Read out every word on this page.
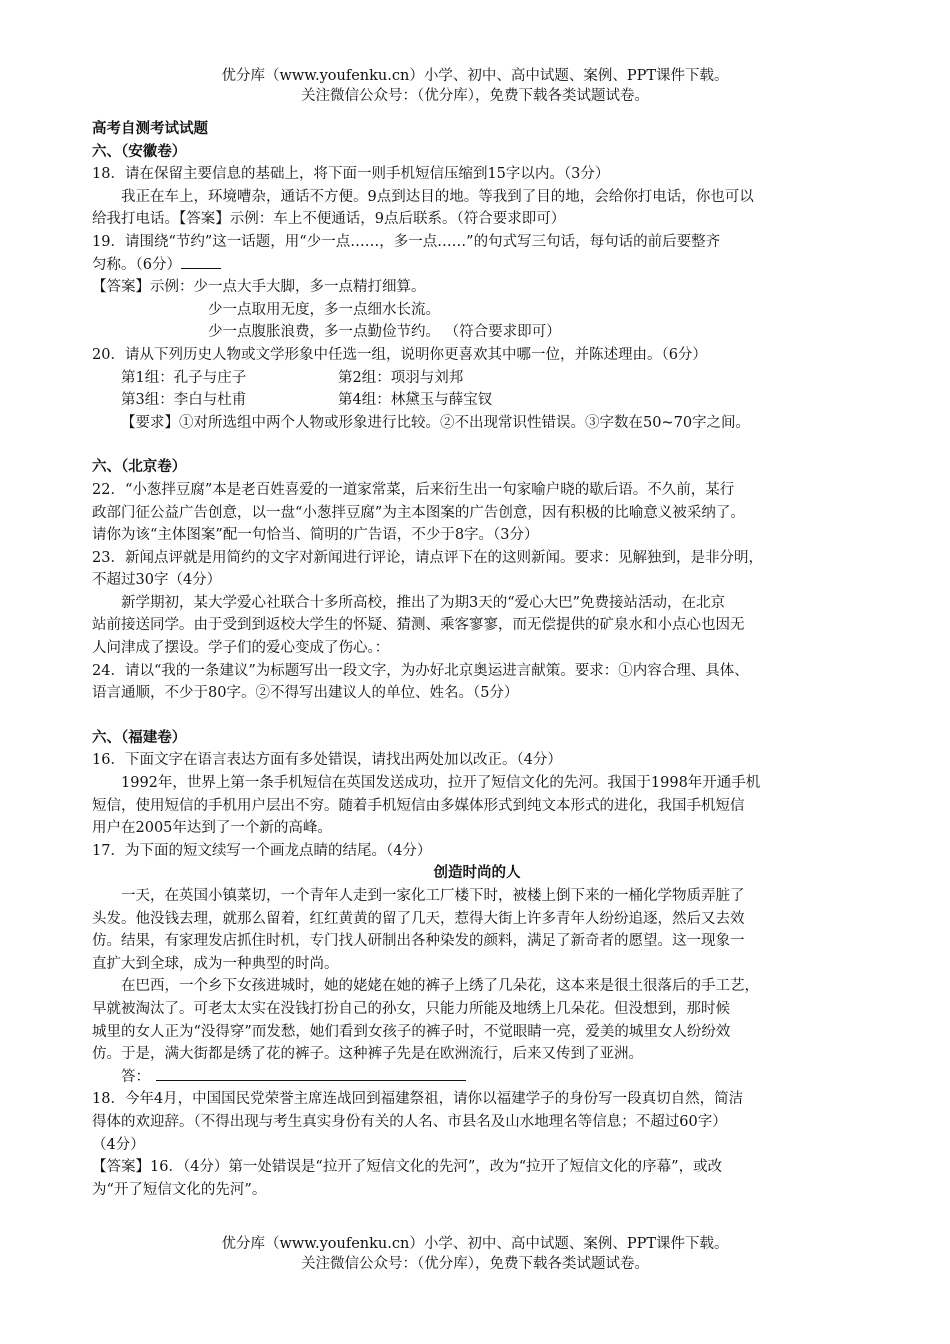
优分库（www.youfenku.cn）小学、初中、高中试题、案例、PPT课件下载。
关注微信公众号：（优分库），免费下载各类试题试卷。
高考自测考试试题
六、（安徽卷）
18．请在保留主要信息的基础上，将下面一则手机短信压缩到15字以内。（3分）
我正在车上，环境嘈杂，通话不方便。9点到达目的地。等我到了目的地，会给你打电话，你也可以
给我打电话。【答案】示例：车上不便通话，9点后联系。（符合要求即可）
19．请围绕“节约”这一话题，用“少一点……，多一点……”的句式写三句话，每句话的前后要整齐
匀称。（6分）
【答案】示例：少一点大手大脚，多一点精打细算。
少一点取用无度，多一点细水长流。
少一点腹胀浪费，多一点勤俭节约。 （符合要求即可）
20．请从下列历史人物或文学形象中任选一组，说明你更喜欢其中哪一位，并陈述理由。（6分）
第1组：孔子与庄子	第2组：项羽与刘邦
第3组：李白与杜甫	第4组：林黛玉与薛宝钗
【要求】①对所选组中两个人物或形象进行比较。②不出现常识性错误。③字数在50~70字之间。
六、（北京卷）
22．“小葱拌豆腐”本是老百姓喜爱的一道家常菜，后来衍生出一句家喻户晓的歇后语。不久前，某行
政部门征公益广告创意，以一盘“小葱拌豆腐”为主本图案的广告创意，因有积极的比喻意义被采纳了。
请你为该“主体图案”配一句恰当、简明的广告语，不少于8字。（3分）
23．新闻点评就是用简约的文字对新闻进行评论，请点评下在的这则新闻。要求：见解独到，是非分明，
不超过30字（4分）
新学期初，某大学爱心社联合十多所高校，推出了为期3天的“爱心大巴”免费接站活动，在北京
站前接送同学。由于受到到返校大学生的怀疑、猜测、乘客寥寥，而无偿提供的矿泉水和小点心也因无
人问津成了摆设。学子们的爱心变成了伤心。：
24．请以“我的一条建议”为标题写出一段文字，为办好北京奥运进言献策。要求：①内容合理、具体、
语言通顺，不少于80字。②不得写出建议人的单位、姓名。（5分）
六、（福建卷）
16．下面文字在语言表达方面有多处错误，请找出两处加以改正。（4分）
1992年，世界上第一条手机短信在英国发送成功，拉开了短信文化的先河。我国于1998年开通手机
短信，使用短信的手机用户层出不穷。随着手机短信由多媒体形式到纯文本形式的进化，我国手机短信
用户在2005年达到了一个新的高峰。
17．为下面的短文续写一个画龙点睛的结尾。（4分）
创造时尚的人
一天，在英国小镇菜切，一个青年人走到一家化工厂楼下时，被楼上倒下来的一桶化学物质弄脏了
头发。他没钱去理，就那么留着，红红黄黄的留了几天，惹得大街上许多青年人纷纷追逐，然后又去效
仿。结果，有家理发店抓住时机，专门找人研制出各种染发的颜料，满足了新奇者的愿望。这一现象一
直扩大到全球，成为一种典型的时尚。
在巴西，一个乡下女孩进城时，她的姥姥在她的裤子上绣了几朵花，这本来是很土很落后的手工艺，
早就被淘汰了。可老太太实在没钱打扮自己的孙女，只能力所能及地绣上几朵花。但没想到，那时候
城里的女人正为“没得穿”而发愁，她们看到女孩子的裤子时，不觉眼睛一亮，爱美的城里女人纷纷效
仿。于是，满大街都是绣了花的裤子。这种裤子先是在欧洲流行，后来又传到了亚洲。
答：
18．今年4月，中国国民党荣誉主席连战回到福建祭祖，请你以福建学子的身份写一段真切自然，简洁
得体的欢迎辞。（不得出现与考生真实身份有关的人名、市县名及山水地理名等信息；不超过60字）
（4分）
【答案】16．（4分）第一处错误是“拉开了短信文化的先河”，改为“拉开了短信文化的序幕”，或改
为“开了短信文化的先河”。
优分库（www.youfenku.cn）小学、初中、高中试题、案例、PPT课件下载。
关注微信公众号：（优分库），免费下载各类试题试卷。
